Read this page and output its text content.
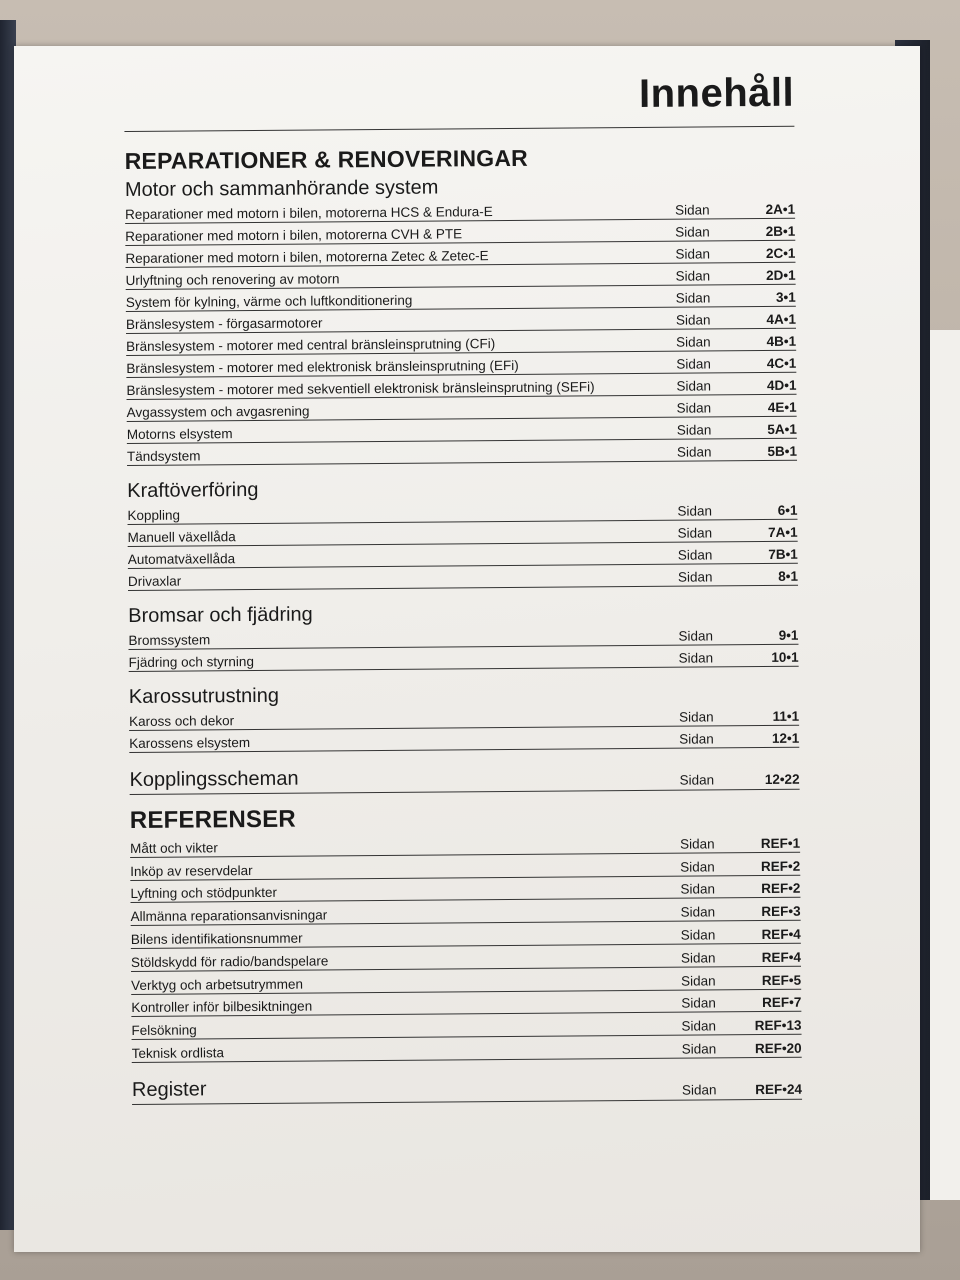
Innehåll
REPARATIONER & RENOVERINGAR
Motor och sammanhörande system
Reparationer med motorn i bilen, motorerna HCS & Endura-E	Sidan	2A•1
Reparationer med motorn i bilen, motorerna CVH & PTE	Sidan	2B•1
Reparationer med motorn i bilen, motorerna Zetec & Zetec-E	Sidan	2C•1
Urlyftning och renovering av motorn	Sidan	2D•1
System för kylning, värme och luftkonditionering	Sidan	3•1
Bränslesystem - förgasarmotorer	Sidan	4A•1
Bränslesystem - motorer med central bränsleinsprutning (CFi)	Sidan	4B•1
Bränslesystem - motorer med elektronisk bränsleinsprutning (EFi)	Sidan	4C•1
Bränslesystem - motorer med sekventiell elektronisk bränsleinsprutning (SEFi)	Sidan	4D•1
Avgassystem och avgasrening	Sidan	4E•1
Motorns elsystem	Sidan	5A•1
Tändsystem	Sidan	5B•1
Kraftöverföring
Koppling	Sidan	6•1
Manuell växellåda	Sidan	7A•1
Automatväxellåda	Sidan	7B•1
Drivaxlar	Sidan	8•1
Bromsar och fjädring
Bromssystem	Sidan	9•1
Fjädring och styrning	Sidan	10•1
Karossutrustning
Kaross och dekor	Sidan	11•1
Karossens elsystem	Sidan	12•1
Kopplingsscheman	Sidan	12•22
REFERENSER
Mått och vikter	Sidan	REF•1
Inköp av reservdelar	Sidan	REF•2
Lyftning och stödpunkter	Sidan	REF•2
Allmänna reparationsanvisningar	Sidan	REF•3
Bilens identifikationsnummer	Sidan	REF•4
Stöldskydd för radio/bandspelare	Sidan	REF•4
Verktyg och arbetsutrymmen	Sidan	REF•5
Kontroller inför bilbesiktningen	Sidan	REF•7
Felsökning	Sidan	REF•13
Teknisk ordlista	Sidan	REF•20
Register	Sidan	REF•24
